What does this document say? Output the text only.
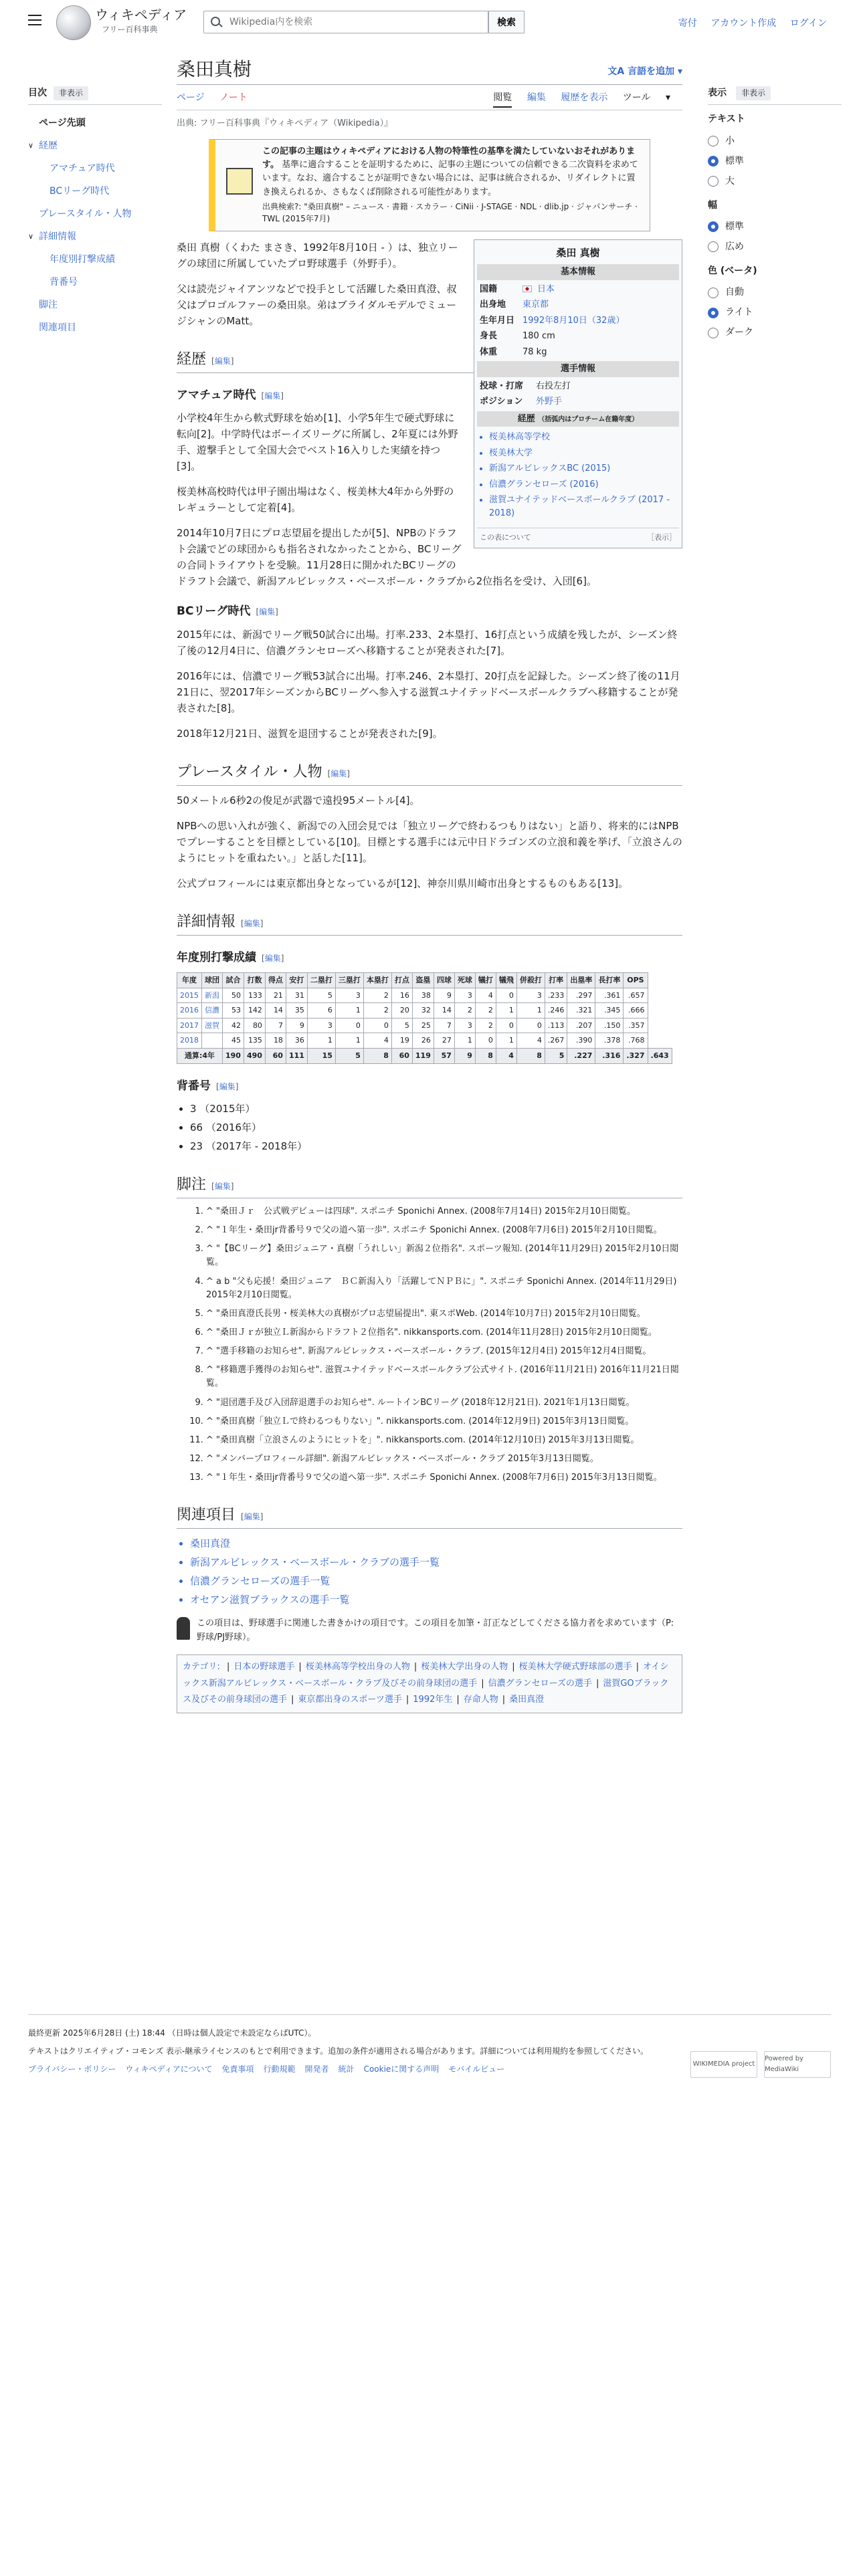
ウィキペディア
フリー百科事典
Wikipedia内を検索
検索	寄付 アカウント作成 ログイン
目次	非表示
ページ先頭
∨ 経歴
アマチュア時代
BCリーグ時代
プレースタイル・人物
∨ 詳細情報
年度別打撃成績
背番号
脚注
関連項目
表示	非表示
テキスト
小
標準
大
幅
標準
広め
色 (ベータ)
自動
ライト
ダーク
桑田真樹	文A 言語を追加 ▾
ページ ノート	閲覧 編集 履歴を表示 ツール ▾
出典: フリー百科事典『ウィキペディア（Wikipedia）』
この記事の主題はウィキペディアにおける人物の特筆性の基準を満たしていないおそれがあります。 基準に適合することを証明するために、記事の主題についての信頼できる二次資料を求めています。なお、適合することが証明できない場合には、記事は統合されるか、リダイレクトに置き換えられるか、さもなくば削除される可能性があります。
出典検索?: "桑田真樹" – ニュース · 書籍 · スカラー · CiNii · J-STAGE · NDL · dlib.jp · ジャパンサーチ · TWL (2015年7月)
桑田 真樹
基本情報
国籍	日本
出身地	東京都
生年月日 1992年8月10日（32歳）
身長	180 cm
体重	78 kg
選手情報
投球・打席	右投左打
ポジション	外野手
経歴 （括弧内はプロチーム在籍年度）
• 桜美林高等学校
• 桜美林大学
• 新潟アルビレックスBC (2015)
• 信濃グランセローズ (2016)
• 滋賀ユナイテッドベースボールクラブ (2017 - 2018)
この表について	［表示］

桑田 真樹（くわた まさき、1992年8月10日 - ）は、独立リーグの球団に所属していたプロ野球選手（外野手）。

父は読売ジャイアンツなどで投手として活躍した桑田真澄、叔父はプロゴルファーの桑田泉。弟はブライダルモデルでミュージシャンのMatt。

経歴 [編集]
アマチュア時代 [編集]

小学校4年生から軟式野球を始め[1]、小学5年生で硬式野球に転向[2]。中学時代はボーイズリーグに所属し、2年夏には外野手、遊撃手として全国大会でベスト16入りした実績を持つ[3]。

桜美林高校時代は甲子園出場はなく、桜美林大4年から外野のレギュラーとして定着[4]。

2014年10月7日にプロ志望届を提出したが[5]、NPBのドラフト会議でどの球団からも指名されなかったことから、BCリーグの合同トライアウトを受験。11月28日に開かれたBCリーグのドラフト会議で、新潟アルビレックス・ベースボール・クラブから2位指名を受け、入団[6]。

BCリーグ時代 [編集]

2015年には、新潟でリーグ戦50試合に出場。打率.233、2本塁打、16打点という成績を残したが、シーズン終了後の12月4日に、信濃グランセローズへ移籍することが発表された[7]。

2016年には、信濃でリーグ戦53試合に出場。打率.246、2本塁打、20打点を記録した。シーズン終了後の11月21日に、翌2017年シーズンからBCリーグへ参入する滋賀ユナイテッドベースボールクラブへ移籍することが発表された[8]。

2018年12月21日、滋賀を退団することが発表された[9]。

プレースタイル・人物 [編集]

50メートル6秒2の俊足が武器で遠投95メートル[4]。

NPBへの思い入れが強く、新潟での入団会見では「独立リーグで終わるつもりはない」と語り、将来的にはNPBでプレーすることを目標としている[10]。目標とする選手には元中日ドラゴンズの立浪和義を挙げ、「立浪さんのようにヒットを重ねたい。」と話した[11]。

公式プロフィールには東京都出身となっているが[12]、神奈川県川崎市出身とするものもある[13]。

詳細情報 [編集]
年度別打撃成績 [編集]
年度	球団	試合	打数	得点	安打	二塁打	三塁打	本塁打	打点	盗塁	四球	死球	犠打	犠飛	併殺打	打率	出塁率	長打率	OPS	
2015	新潟	50	133	21	31	5	3	2	16	38	9	3	4	0	3	.233	.297	.361	.657	
2016	信濃	53	142	14	35	6	1	2	20	32	14	2	2	1	1	.246	.321	.345	.666	
2017	滋賀	42	80	7	9	3	0	0	5	25	7	3	2	0	0	.113	.207	.150	.357	
2018		45	135	18	36	1	1	4	19	26	27	1	0	1	4	.267	.390	.378	.768	
通算:4年		190	490	60	111	15	5	8	60	119	57	9	8	4	8	5	.227	.316	.327	.643
背番号 [編集]
• 3 （2015年）
• 66 （2016年）
• 23 （2017年 - 2018年）
脚注 [編集]
1. ^ "桑田Ｊｒ　公式戦デビューは四球". スポニチ Sponichi Annex. (2008年7月14日) 2015年2月10日閲覧。
2. ^ "１年生・桑田jr背番号９で父の道へ第一歩". スポニチ Sponichi Annex. (2008年7月6日) 2015年2月10日閲覧。
3. ^ "【BCリーグ】桑田ジュニア・真樹「うれしい」新潟２位指名". スポーツ報知. (2014年11月29日) 2015年2月10日閲覧。
4. ^ a b "父も応援！桑田ジュニア　ＢＣ新潟入り「活躍してＮＰＢに」". スポニチ Sponichi Annex. (2014年11月29日) 2015年2月10日閲覧。
5. ^ "桑田真澄氏長男・桜美林大の真樹がプロ志望届提出". 東スポWeb. (2014年10月7日) 2015年2月10日閲覧。
6. ^ "桑田Ｊｒが独立Ｌ新潟からドラフト２位指名". nikkansports.com. (2014年11月28日) 2015年2月10日閲覧。
7. ^ "選手移籍のお知らせ". 新潟アルビレックス・ベースボール・クラブ. (2015年12月4日) 2015年12月4日閲覧。
8. ^ "移籍選手獲得のお知らせ". 滋賀ユナイテッドベースボールクラブ公式サイト. (2016年11月21日) 2016年11月21日閲覧。
9. ^ "退団選手及び入団辞退選手のお知らせ". ルートインBCリーグ (2018年12月21日). 2021年1月13日閲覧。
10. ^ "桑田真樹「独立Ｌで終わるつもりない」". nikkansports.com. (2014年12月9日) 2015年3月13日閲覧。
11. ^ "桑田真樹「立浪さんのようにヒットを」". nikkansports.com. (2014年12月10日) 2015年3月13日閲覧。
12. ^ "メンバープロフィール詳細". 新潟アルビレックス・ベースボール・クラブ 2015年3月13日閲覧。
13. ^ "１年生・桑田jr背番号９で父の道へ第一歩". スポニチ Sponichi Annex. (2008年7月6日) 2015年3月13日閲覧。
関連項目 [編集]
• 桑田真澄
• 新潟アルビレックス・ベースボール・クラブの選手一覧
• 信濃グランセローズの選手一覧
• オセアン滋賀ブラックスの選手一覧
この項目は、野球選手に関連した書きかけの項目です。この項目を加筆・訂正などしてくださる協力者を求めています（P:野球/PJ野球）。
カテゴリ: | 日本の野球選手 | 桜美林高等学校出身の人物 | 桜美林大学出身の人物 | 桜美林大学硬式野球部の選手 | オイシックス新潟アルビレックス・ベースボール・クラブ及びその前身球団の選手 | 信濃グランセローズの選手 | 滋賀GOブラックス及びその前身球団の選手 | 東京都出身のスポーツ選手 | 1992年生 | 存命人物 | 桑田真澄
最終更新 2025年6月28日 (土) 18:44 （日時は個人設定で未設定ならばUTC）。
テキストはクリエイティブ・コモンズ 表示-継承ライセンスのもとで利用できます。追加の条件が適用される場合があります。詳細については利用規約を参照してください。
プライバシー・ポリシー ウィキペディアについて 免責事項 行動規範 開発者 統計 Cookieに関する声明 モバイルビュー
WIKIMEDIA project
Powered by MediaWiki
